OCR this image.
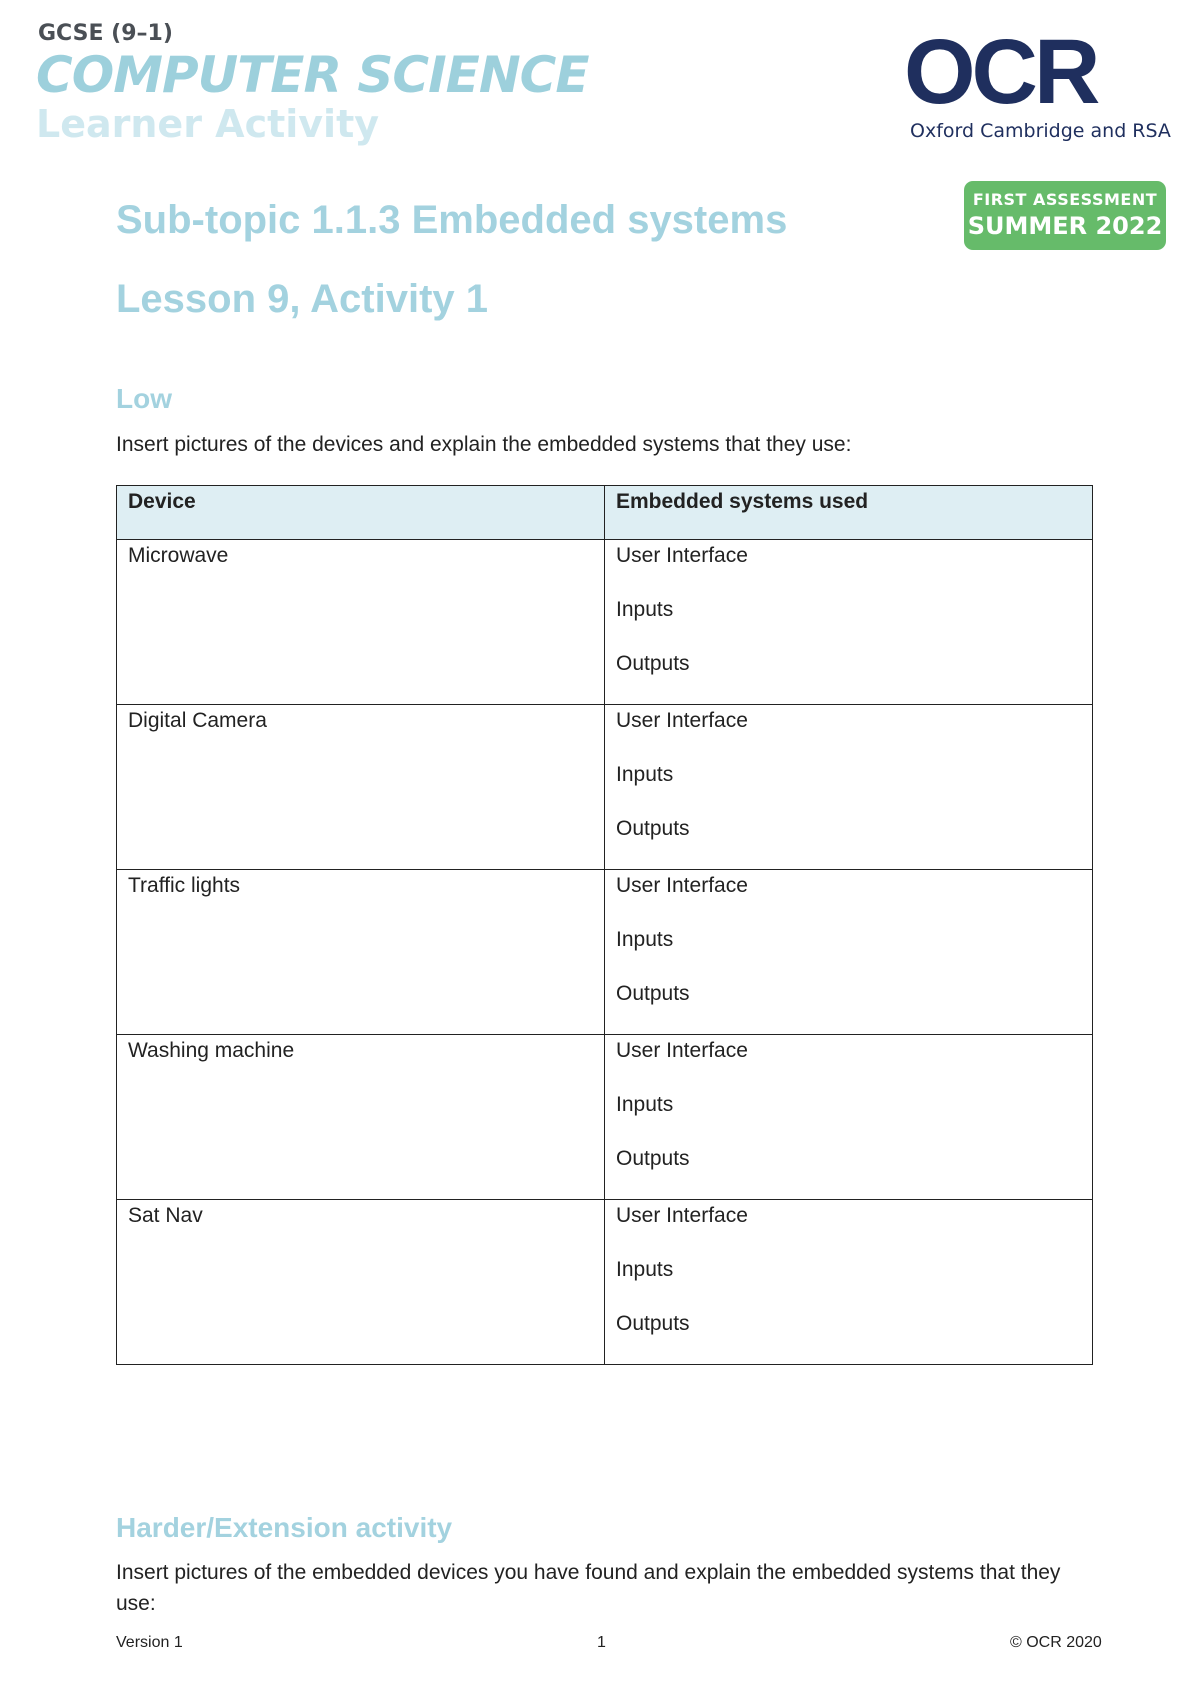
GCSE (9–1)
COMPUTER SCIENCE
Learner Activity
OCR
Oxford Cambridge and RSA
FIRST ASSESSMENT
SUMMER 2022
Sub-topic 1.1.3 Embedded systems
Lesson 9, Activity 1
Low
Insert pictures of the devices and explain the embedded systems that they use:
Device	Embedded systems used
Microwave	User Interface
Inputs
Outputs

Digital Camera	User Interface
Inputs
Outputs

Traffic lights	User Interface
Inputs
Outputs

Washing machine	User Interface
Inputs
Outputs

Sat Nav	User Interface
Inputs
Outputs
Harder/Extension activity
Insert pictures of the embedded devices you have found and explain the embedded systems that they use:
Version 1	1	© OCR 2020
